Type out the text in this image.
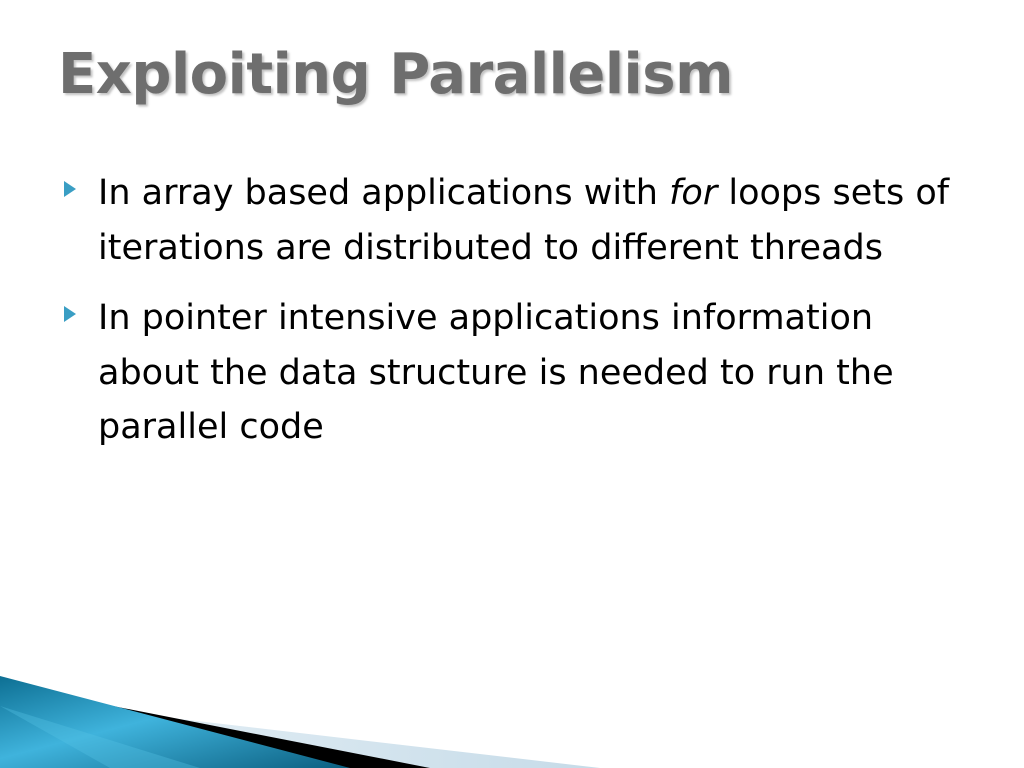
Exploiting Parallelism
In array based applications with for loops sets of iterations are distributed to different threads
In pointer intensive applications information about the data structure is needed to run the parallel code
